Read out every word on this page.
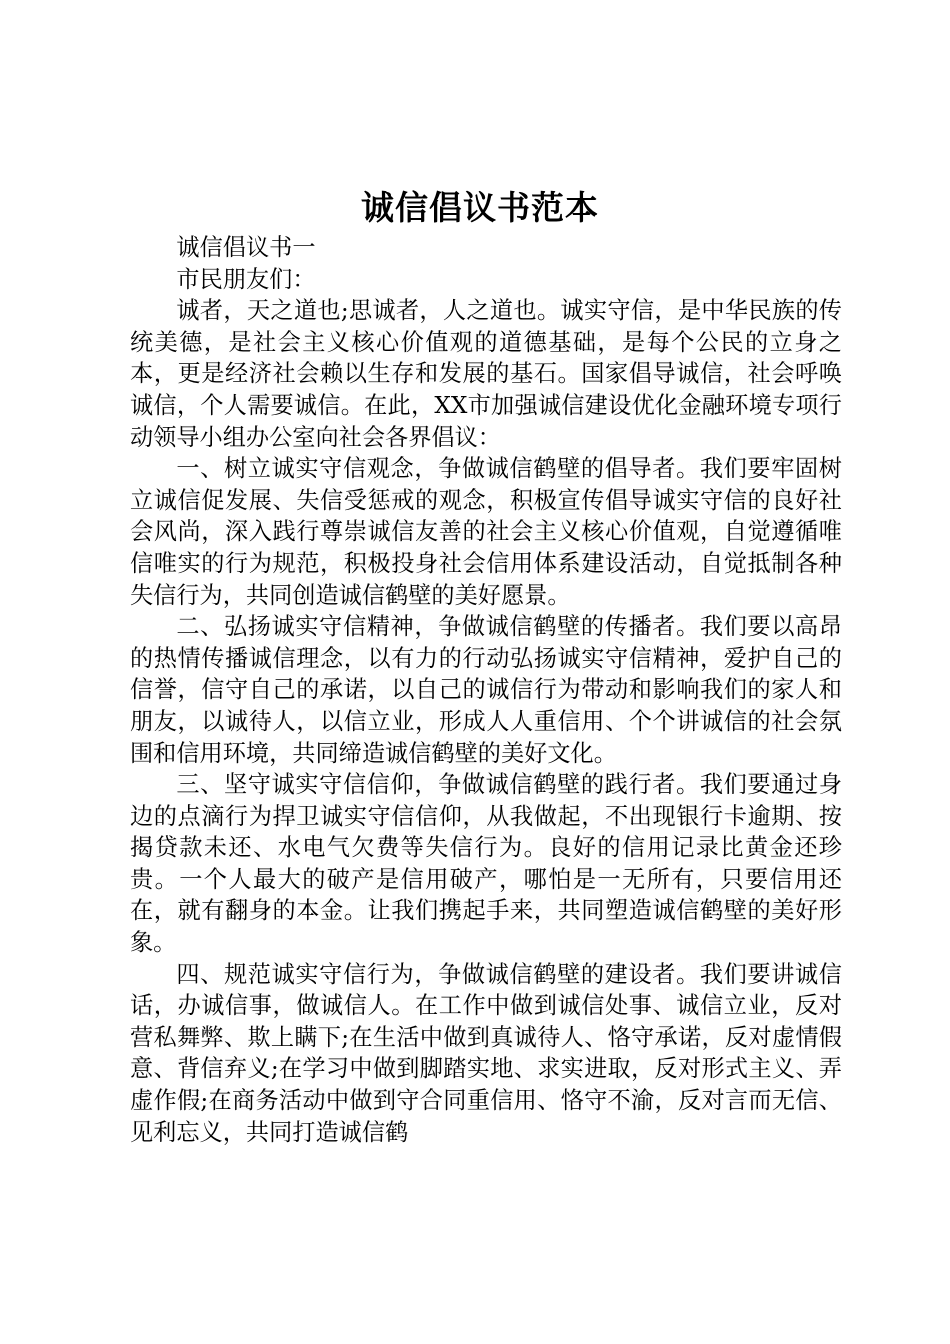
诚信倡议书范本

诚信倡议书一

市民朋友们：

诚者，天之道也;思诚者，人之道也。诚实守信，是中华民族的传统美德，是社会主义核心价值观的道德基础，是每个公民的立身之本，更是经济社会赖以生存和发展的基石。国家倡导诚信，社会呼唤诚信，个人需要诚信。在此，XX市加强诚信建设优化金融环境专项行动领导小组办公室向社会各界倡议：

一、树立诚实守信观念，争做诚信鹤壁的倡导者。我们要牢固树立诚信促发展、失信受惩戒的观念，积极宣传倡导诚实守信的良好社会风尚，深入践行尊崇诚信友善的社会主义核心价值观，自觉遵循唯信唯实的行为规范，积极投身社会信用体系建设活动，自觉抵制各种失信行为，共同创造诚信鹤壁的美好愿景。

二、弘扬诚实守信精神，争做诚信鹤壁的传播者。我们要以高昂的热情传播诚信理念，以有力的行动弘扬诚实守信精神，爱护自己的信誉，信守自己的承诺，以自己的诚信行为带动和影响我们的家人和朋友，以诚待人，以信立业，形成人人重信用、个个讲诚信的社会氛围和信用环境，共同缔造诚信鹤壁的美好文化。

三、坚守诚实守信信仰，争做诚信鹤壁的践行者。我们要通过身边的点滴行为捍卫诚实守信信仰，从我做起，不出现银行卡逾期、按揭贷款未还、水电气欠费等失信行为。良好的信用记录比黄金还珍贵。一个人最大的破产是信用破产，哪怕是一无所有，只要信用还在，就有翻身的本金。让我们携起手来，共同塑造诚信鹤壁的美好形象。

四、规范诚实守信行为，争做诚信鹤壁的建设者。我们要讲诚信话，办诚信事，做诚信人。在工作中做到诚信处事、诚信立业，反对营私舞弊、欺上瞒下;在生活中做到真诚待人、恪守承诺，反对虚情假意、背信弃义;在学习中做到脚踏实地、求实进取，反对形式主义、弄虚作假;在商务活动中做到守合同重信用、恪守不渝，反对言而无信、见利忘义，共同打造诚信鹤
